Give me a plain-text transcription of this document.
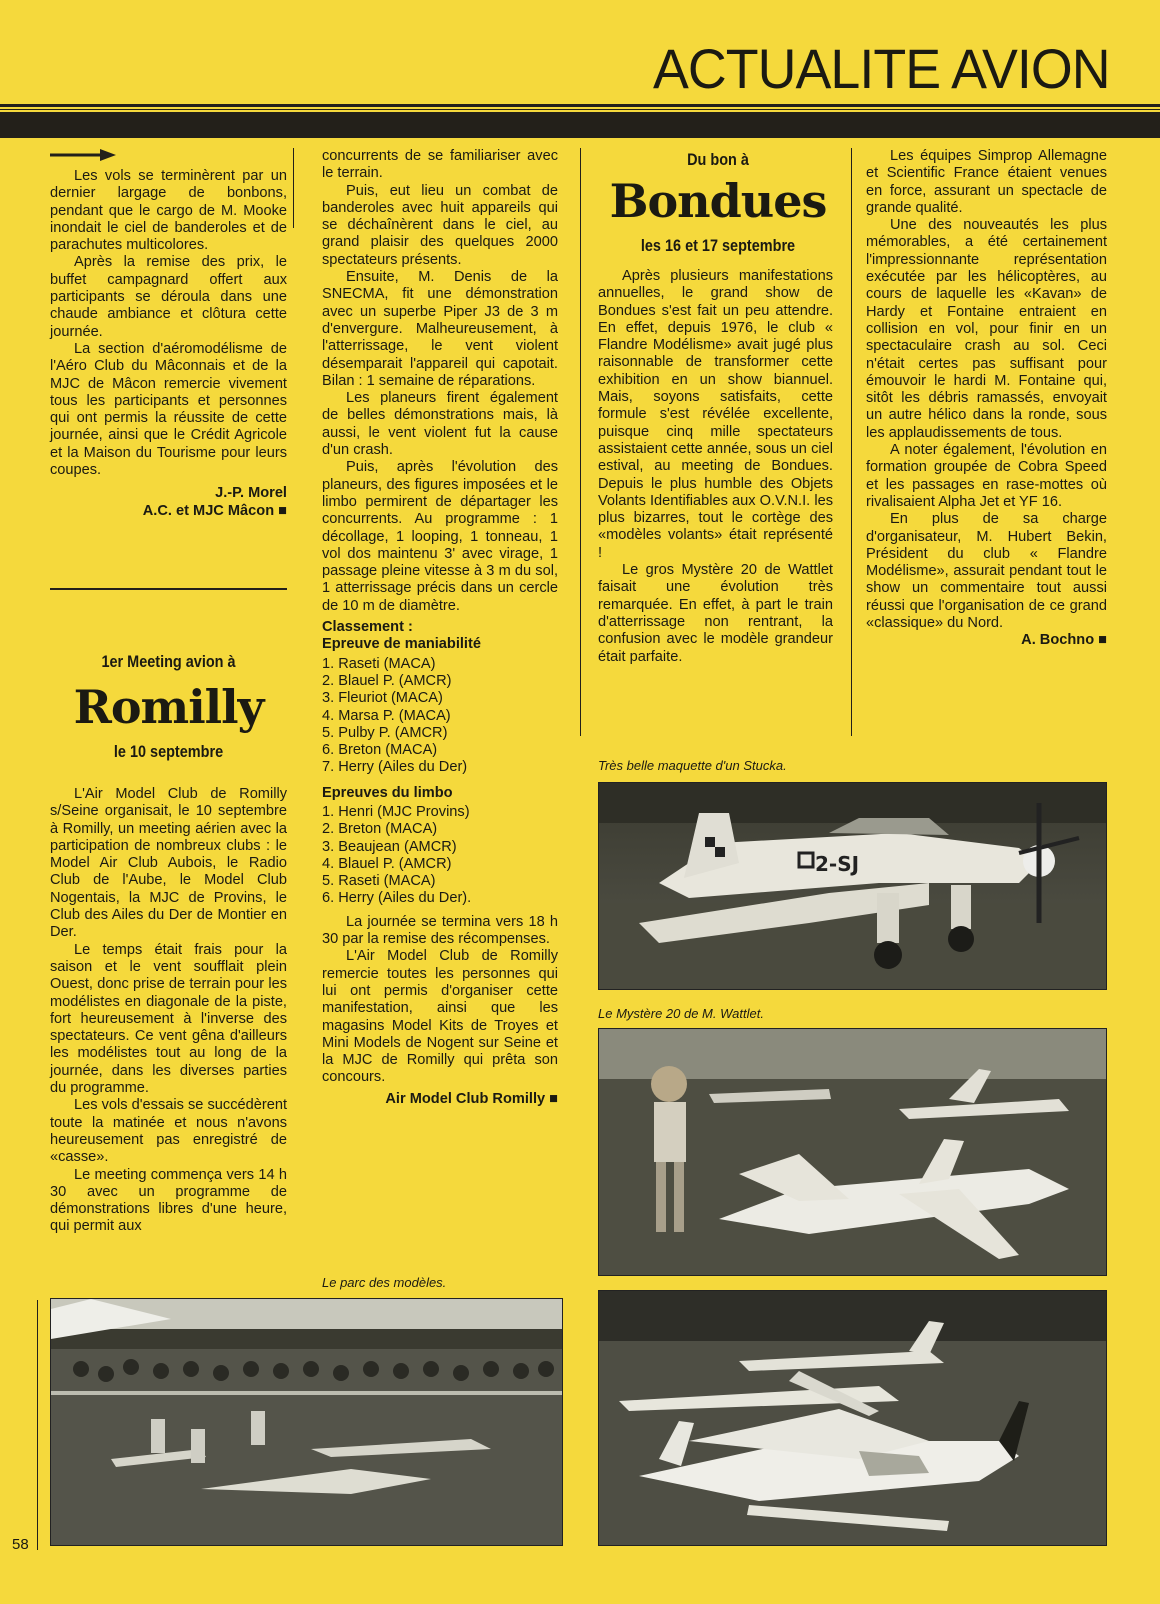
ACTUALITE AVION

Les vols se terminèrent par un dernier largage de bonbons, pendant que le cargo de M. Mooke inondait le ciel de banderoles et de parachutes multicolores.

Après la remise des prix, le buffet campagnard offert aux participants se déroula dans une chaude ambiance et clôtura cette journée.

La section d'aéromodélisme de l'Aéro Club du Mâconnais et de la MJC de Mâcon remercie vivement tous les participants et personnes qui ont permis la réussite de cette journée, ainsi que le Crédit Agricole et la Maison du Tourisme pour leurs coupes.

J.-P. Morel

A.C. et MJC Mâcon ■

1er Meeting avion à
Romilly
le 10 septembre

L'Air Model Club de Romilly s/Seine organisait, le 10 septembre à Romilly, un meeting aérien avec la participation de nombreux clubs : le Model Air Club Aubois, le Radio Club de l'Aube, le Model Club Nogentais, la MJC de Provins, le Club des Ailes du Der de Montier en Der.

Le temps était frais pour la saison et le vent soufflait plein Ouest, donc prise de terrain pour les modélistes en diagonale de la piste, fort heureusement à l'inverse des spectateurs. Ce vent gêna d'ailleurs les modélistes tout au long de la journée, dans les diverses parties du programme.

Les vols d'essais se succédèrent toute la matinée et nous n'avons heureusement pas enregistré de «casse».

Le meeting commença vers 14 h 30 avec un programme de démonstrations libres d'une heure, qui permit aux

concurrents de se familiariser avec le terrain.

Puis, eut lieu un combat de banderoles avec huit appareils qui se déchaînèrent dans le ciel, au grand plaisir des quelques 2000 spectateurs présents.

Ensuite, M. Denis de la SNECMA, fit une démonstration avec un superbe Piper J3 de 3 m d'envergure. Malheureusement, à l'atterrissage, le vent violent désemparait l'appareil qui capotait. Bilan : 1 semaine de réparations.

Les planeurs firent également de belles démonstrations mais, là aussi, le vent violent fut la cause d'un crash.

Puis, après l'évolution des planeurs, des figures imposées et le limbo permirent de départager les concurrents. Au programme : 1 décollage, 1 looping, 1 tonneau, 1 vol dos maintenu 3' avec virage, 1 passage pleine vitesse à 3 m du sol, 1 atterrissage précis dans un cercle de 10 m de diamètre.

Classement :

Epreuve de maniabilité

1. Raseti (MACA)
2. Blauel P. (AMCR)
3. Fleuriot (MACA)
4. Marsa P. (MACA)
5. Pulby P. (AMCR)
6. Breton (MACA)
7. Herry (Ailes du Der)

Epreuves du limbo

1. Henri (MJC Provins)
2. Breton (MACA)
3. Beaujean (AMCR)
4. Blauel P. (AMCR)
5. Raseti (MACA)
6. Herry (Ailes du Der).

La journée se termina vers 18 h 30 par la remise des récompenses.

L'Air Model Club de Romilly remercie toutes les personnes qui lui ont permis d'organiser cette manifestation, ainsi que les magasins Model Kits de Troyes et Mini Models de Nogent sur Seine et la MJC de Romilly qui prêta son concours.

Air Model Club Romilly ■

Le parc des modèles.
Du bon à
Bondues
les 16 et 17 septembre

Après plusieurs manifestations annuelles, le grand show de Bondues s'est fait un peu attendre. En effet, depuis 1976, le club « Flandre Modélisme» avait jugé plus raisonnable de transformer cette exhibition en un show biannuel. Mais, soyons satisfaits, cette formule s'est révélée excellente, puisque cinq mille spectateurs assistaient cette année, sous un ciel estival, au meeting de Bondues. Depuis le plus humble des Objets Volants Identifiables aux O.V.N.I. les plus bizarres, tout le cortège des «modèles volants» était représenté !

Le gros Mystère 20 de Wattlet faisait une évolution très remarquée. En effet, à part le train d'atterrissage non rentrant, la confusion avec le modèle grandeur était parfaite.

Les équipes Simprop Allemagne et Scientific France étaient venues en force, assurant un spectacle de grande qualité.

Une des nouveautés les plus mémorables, a été certainement l'impressionnante représentation exécutée par les hélicoptères, au cours de laquelle les «Kavan» de Hardy et Fontaine entraient en collision en vol, pour finir en un spectaculaire crash au sol. Ceci n'était certes pas suffisant pour émouvoir le hardi M. Fontaine qui, sitôt les débris ramassés, envoyait un autre hélico dans la ronde, sous les applaudissements de tous.

A noter également, l'évolution en formation groupée de Cobra Speed et les passages en rase-mottes où rivalisaient Alpha Jet et YF 16.

En plus de sa charge d'organisateur, M. Hubert Bekin, Président du club « Flandre Modélisme», assurait pendant tout le show un commentaire tout aussi réussi que l'organisation de ce grand «classique» du Nord.

A. Bochno ■

Très belle maquette d'un Stucka.
2-SJ
Le Mystère 20 de M. Wattlet.
58
